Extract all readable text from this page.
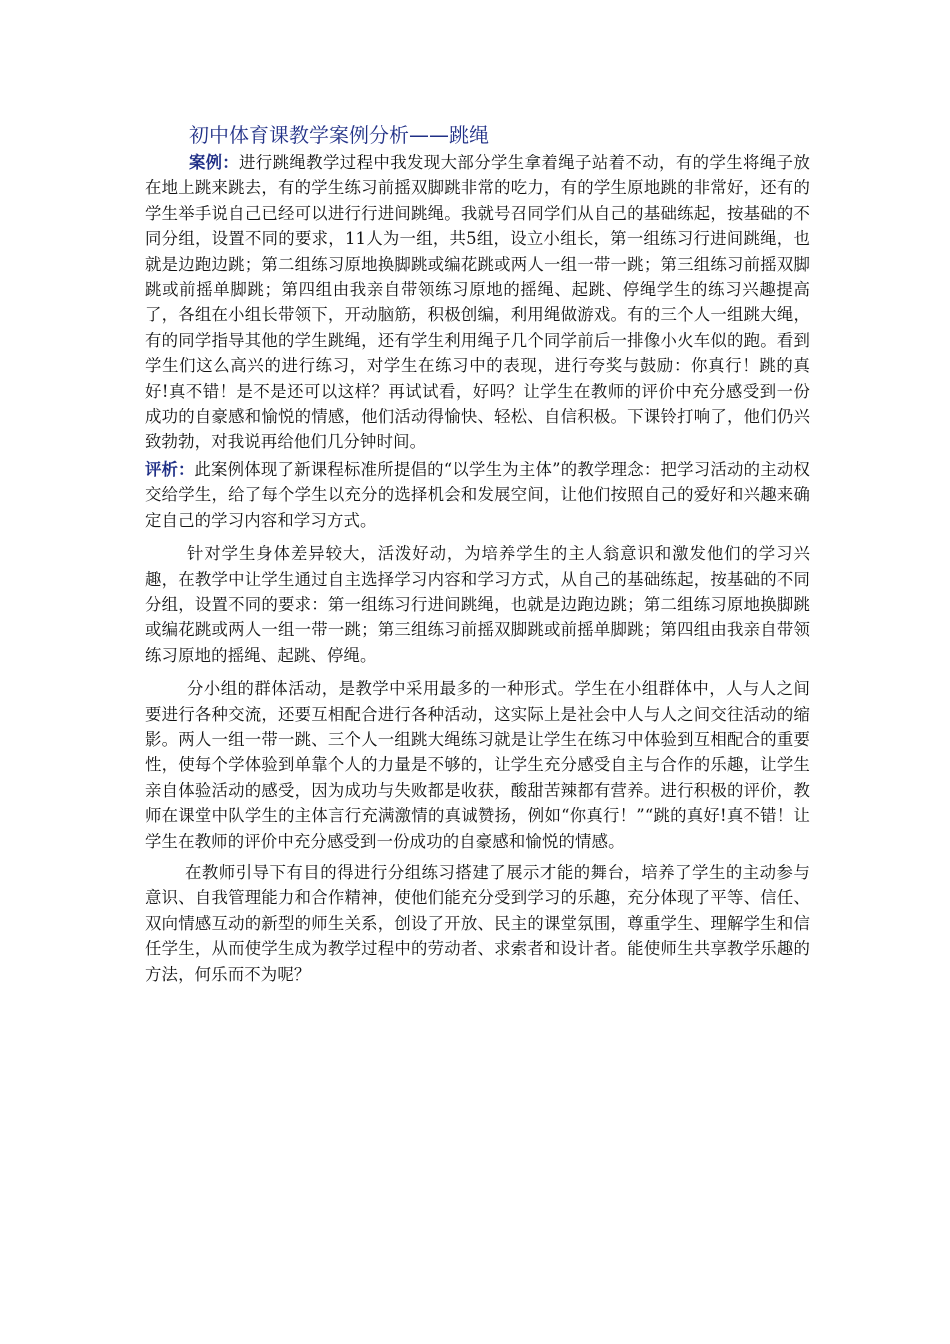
初中体育课教学案例分析——跳绳

案例：进行跳绳教学过程中我发现大部分学生拿着绳子站着不动，有的学生将绳子放在地上跳来跳去，有的学生练习前摇双脚跳非常的吃力，有的学生原地跳的非常好，还有的学生举手说自己已经可以进行行进间跳绳。我就号召同学们从自己的基础练起，按基础的不同分组，设置不同的要求，11人为一组，共5组，设立小组长，第一组练习行进间跳绳，也就是边跑边跳；第二组练习原地换脚跳或编花跳或两人一组一带一跳；第三组练习前摇双脚跳或前摇单脚跳；第四组由我亲自带领练习原地的摇绳、起跳、停绳学生的练习兴趣提高了，各组在小组长带领下，开动脑筋，积极创编，利用绳做游戏。有的三个人一组跳大绳，有的同学指导其他的学生跳绳，还有学生利用绳子几个同学前后一排像小火车似的跑。看到学生们这么高兴的进行练习，对学生在练习中的表现，进行夸奖与鼓励：你真行！跳的真好!真不错！是不是还可以这样？再试试看，好吗？让学生在教师的评价中充分感受到一份成功的自豪感和愉悦的情感，他们活动得愉快、轻松、自信积极。下课铃打响了，他们仍兴致勃勃，对我说再给他们几分钟时间。

评析：此案例体现了新课程标准所提倡的“以学生为主体”的教学理念：把学习活动的主动权交给学生，给了每个学生以充分的选择机会和发展空间，让他们按照自己的爱好和兴趣来确定自己的学习内容和学习方式。

针对学生身体差异较大，活泼好动，为培养学生的主人翁意识和激发他们的学习兴趣，在教学中让学生通过自主选择学习内容和学习方式，从自己的基础练起，按基础的不同分组，设置不同的要求：第一组练习行进间跳绳，也就是边跑边跳；第二组练习原地换脚跳或编花跳或两人一组一带一跳；第三组练习前摇双脚跳或前摇单脚跳；第四组由我亲自带领练习原地的摇绳、起跳、停绳。

分小组的群体活动，是教学中采用最多的一种形式。学生在小组群体中，人与人之间要进行各种交流，还要互相配合进行各种活动，这实际上是社会中人与人之间交往活动的缩影。两人一组一带一跳、三个人一组跳大绳练习就是让学生在练习中体验到互相配合的重要性，使每个学体验到单靠个人的力量是不够的，让学生充分感受自主与合作的乐趣，让学生亲自体验活动的感受，因为成功与失败都是收获，酸甜苦辣都有营养。进行积极的评价，教师在课堂中队学生的主体言行充满激情的真诚赞扬，例如“你真行！”“跳的真好!真不错！让学生在教师的评价中充分感受到一份成功的自豪感和愉悦的情感。

在教师引导下有目的得进行分组练习搭建了展示才能的舞台，培养了学生的主动参与意识、自我管理能力和合作精神，使他们能充分受到学习的乐趣，充分体现了平等、信任、双向情感互动的新型的师生关系，创设了开放、民主的课堂氛围，尊重学生、理解学生和信任学生，从而使学生成为教学过程中的劳动者、求索者和设计者。能使师生共享教学乐趣的方法，何乐而不为呢？
